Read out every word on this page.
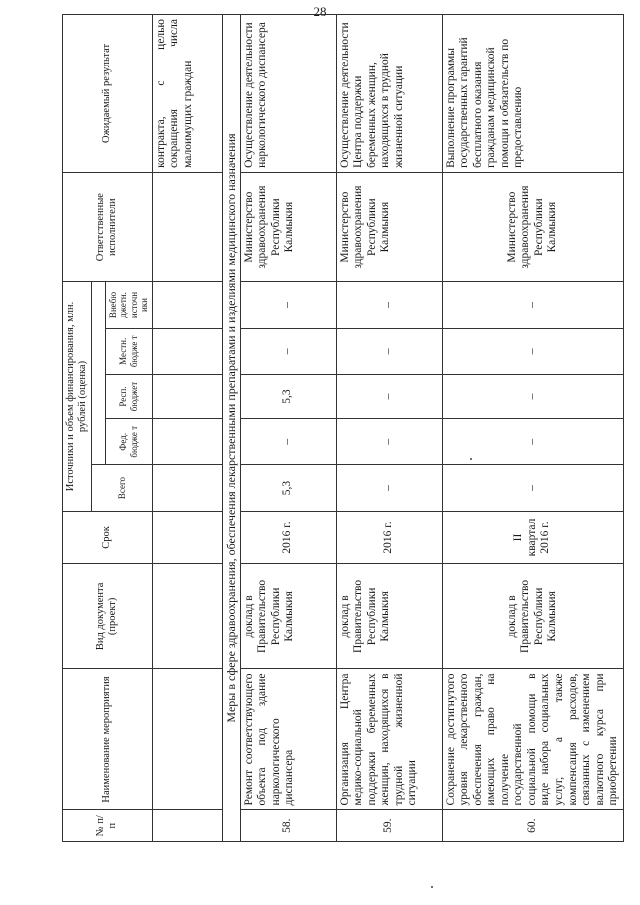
28
№ п/п	Наименование мероприятия	Вид документа (проект)	Срок	Источники и объем финансирования, млн. рублей (оценка)					Ответственные исполнители	Ожидаемый результат
				Всего						
					Фед. бюдже т	Респ. бюджет	Местн. бюдже т	Внебю джетн. источн ики		
										контракта, с целью сокращения числа малоимущих граждан
Меры в сфере здравоохранения, обеспечения лекарственными препаратами и изделиями медицинского назначения										
58.	Ремонт соответствующего объекта под здание наркологического диспансера	доклад в Правительство Республики Калмыкия	2016 г.	5,3	–	5,3	–	–	Министерство здравоохранения Республики Калмыкия	Осуществление деятельности наркологического диспансера
59.	Организация Центра медико-социальной поддержки беременных женщин, находящихся в трудной жизненной ситуации	доклад в Правительство Республики Калмыкия	2016 г.	–	–	–	–	–	Министерство здравоохранения Республики Калмыкия	Осуществление деятельности Центра поддержки беременных женщин, находящихся в трудной жизненной ситуации
60.	Сохранение достигнутого уровня лекарственного обеспечения граждан, имеющих право на получение государственной социальной помощи в виде набора социальных услуг, а также компенсация расходов, связанных с изменением валютного курса при приобретении	доклад в Правительство Республики Калмыкия	II квартал 2016 г.	–	–	–	–	–	Министерство здравоохранения Республики Калмыкия	Выполнение программы государственных гарантий бесплатного оказания гражданам медицинской помощи и обязательств по предоставлению
